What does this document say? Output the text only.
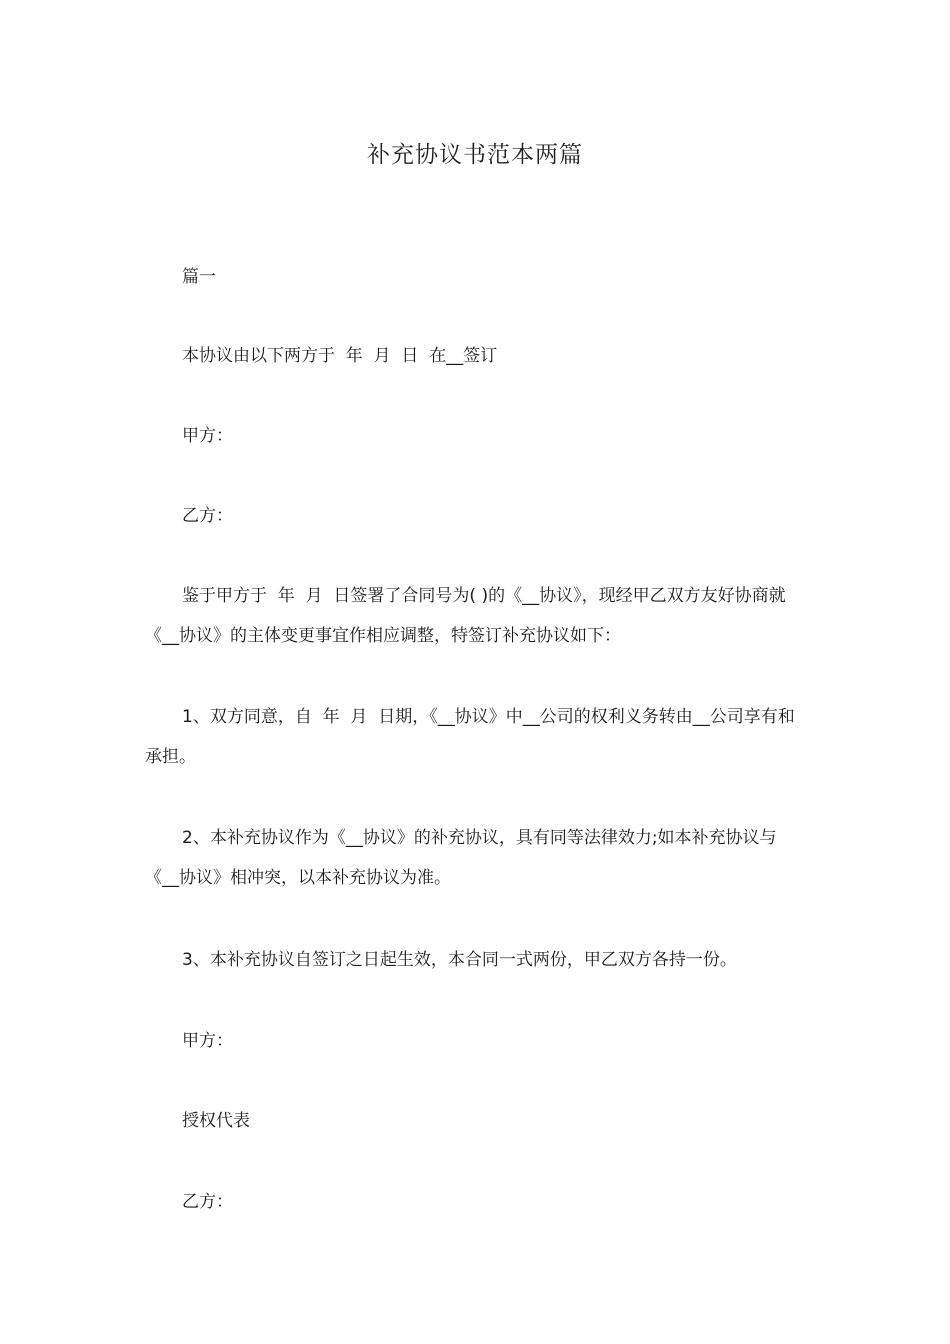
补充协议书范本两篇
篇一
本协议由以下两方于  年  月  日  在__签订
甲方：
乙方：
鉴于甲方于  年  月  日签署了合同号为( )的《__协议》，现经甲乙双方友好协商就《__协议》的主体变更事宜作相应调整，特签订补充协议如下：
1、双方同意，自  年  月  日期，《__协议》中__公司的权利义务转由__公司享有和承担。
2、本补充协议作为《__协议》的补充协议，具有同等法律效力;如本补充协议与《__协议》相冲突，以本补充协议为准。
3、本补充协议自签订之日起生效，本合同一式两份，甲乙双方各持一份。
甲方：
授权代表
乙方：
